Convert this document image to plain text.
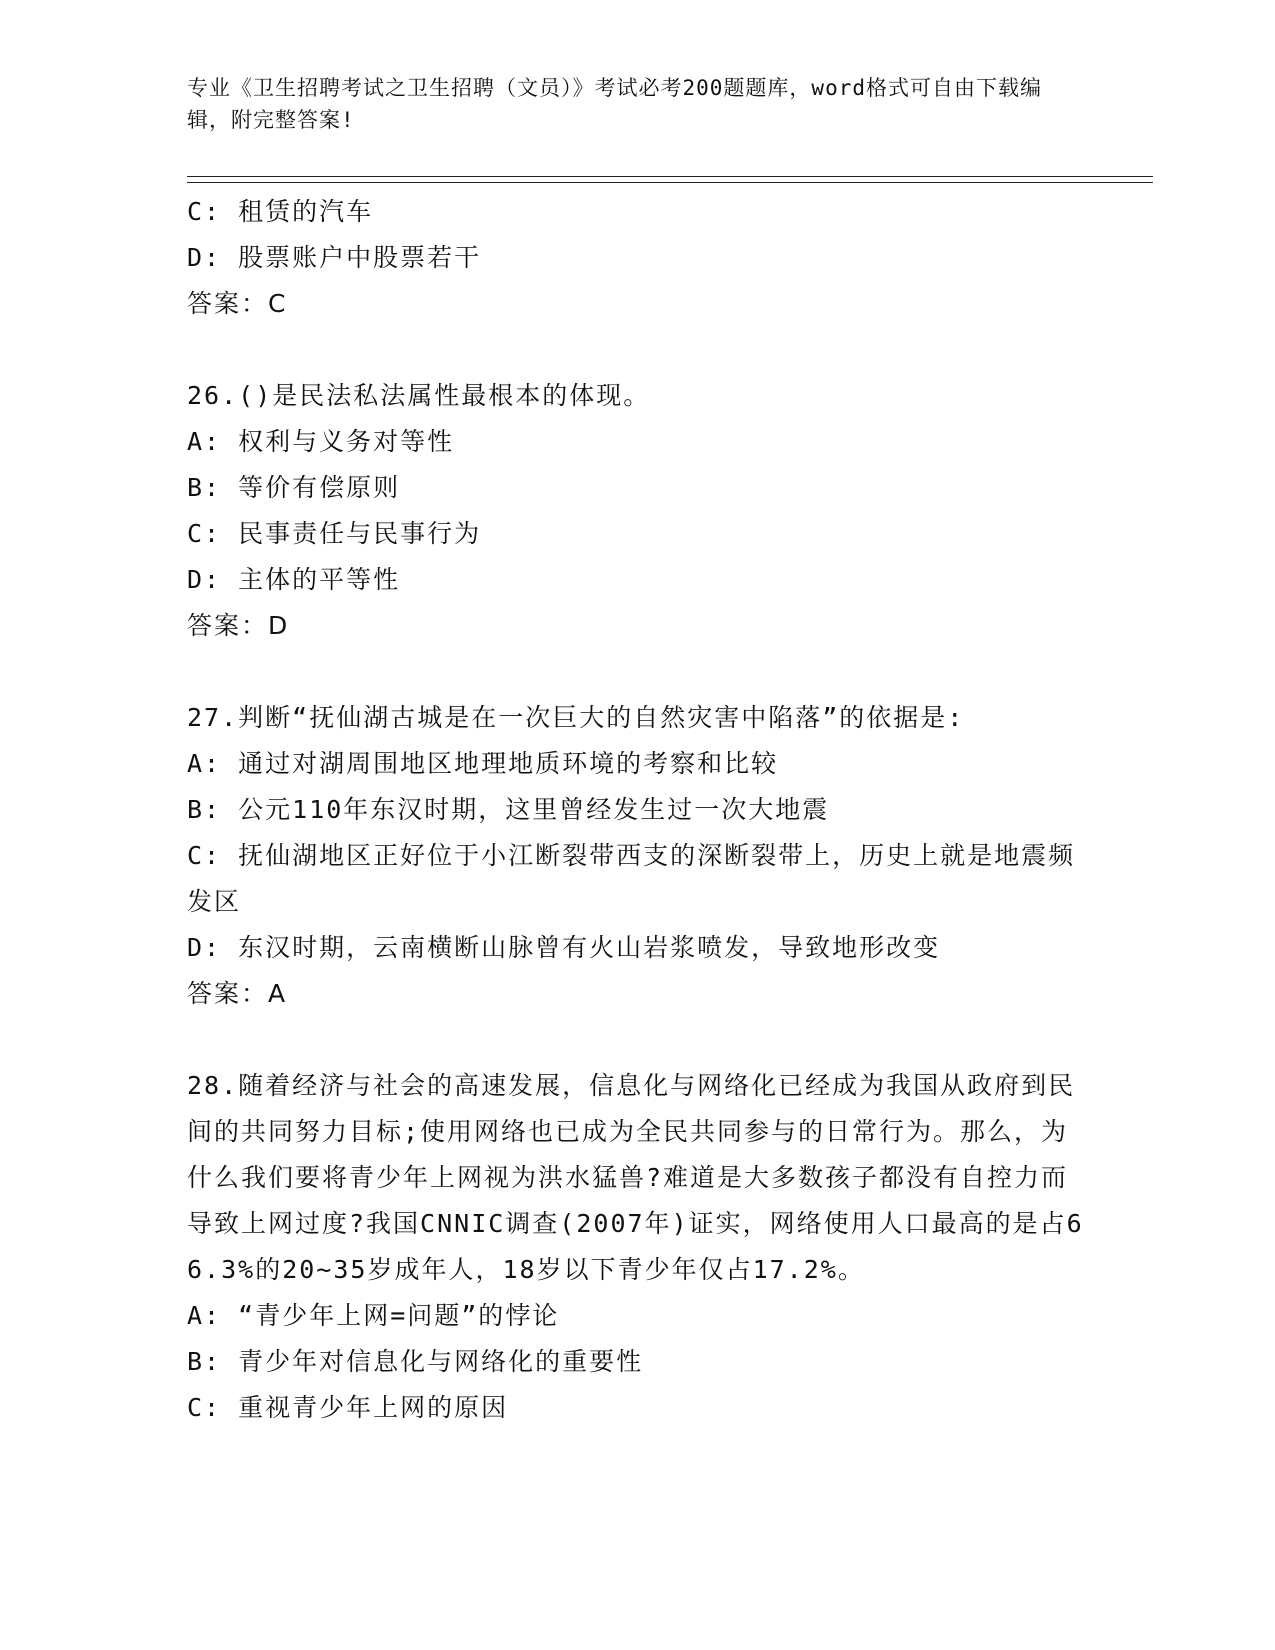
专业《卫生招聘考试之卫生招聘（文员）》考试必考200题题库，word格式可自由下载编辑，附完整答案!
C: 租赁的汽车
D: 股票账户中股票若干
答案：C
26.()是民法私法属性最根本的体现。
A: 权利与义务对等性
B: 等价有偿原则
C: 民事责任与民事行为
D: 主体的平等性
答案：D
27.判断“抚仙湖古城是在一次巨大的自然灾害中陷落”的依据是:
A: 通过对湖周围地区地理地质环境的考察和比较
B: 公元110年东汉时期，这里曾经发生过一次大地震
C: 抚仙湖地区正好位于小江断裂带西支的深断裂带上，历史上就是地震频发区
D: 东汉时期，云南横断山脉曾有火山岩浆喷发，导致地形改变
答案：A
28.随着经济与社会的高速发展，信息化与网络化已经成为我国从政府到民间的共同努力目标;使用网络也已成为全民共同参与的日常行为。那么，为什么我们要将青少年上网视为洪水猛兽?难道是大多数孩子都没有自控力而导致上网过度?我国CNNIC调查(2007年)证实，网络使用人口最高的是占66.3%的20~35岁成年人，18岁以下青少年仅占17.2%。
A: “青少年上网=问题”的悖论
B: 青少年对信息化与网络化的重要性
C: 重视青少年上网的原因
